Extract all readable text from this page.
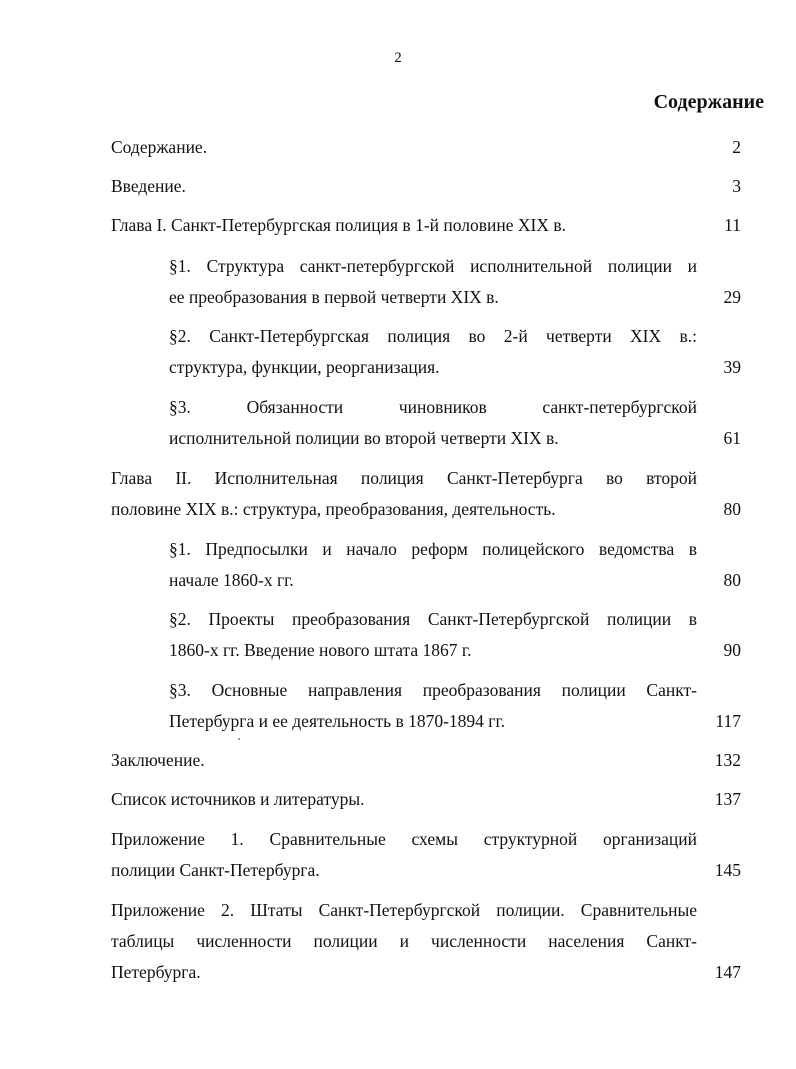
2
Содержание
Содержание.	2
Введение.	3
Глава I. Санкт-Петербургская полиция в 1-й половине XIX в.	11
§1. Структура санкт-петербургской исполнительной полиции и
ее преобразования в первой четверти XIX в.	29
§2. Санкт-Петербургская полиция во 2-й четверти XIX в.:
структура, функции, реорганизация.	39
§3. Обязанности чиновников санкт-петербургской
исполнительной полиции во второй четверти XIX в.	61
Глава II. Исполнительная полиция Санкт-Петербурга во второй
половине XIX в.: структура, преобразования, деятельность.	80
§1. Предпосылки и начало реформ полицейского ведомства в
начале 1860-х гг.	80
§2. Проекты преобразования Санкт-Петербургской полиции в
1860-х гг. Введение нового штата 1867 г.	90
§3. Основные направления преобразования полиции Санкт-
Петербурга и ее деятельность в 1870-1894 гг.	117
Заключение.	132
Список источников и литературы.	137
Приложение 1. Сравнительные схемы структурной организаций
полиции Санкт-Петербурга.	145
Приложение 2. Штаты Санкт-Петербургской полиции. Сравнительные
таблицы численности полиции и численности населения Санкт-
Петербурга.	147
